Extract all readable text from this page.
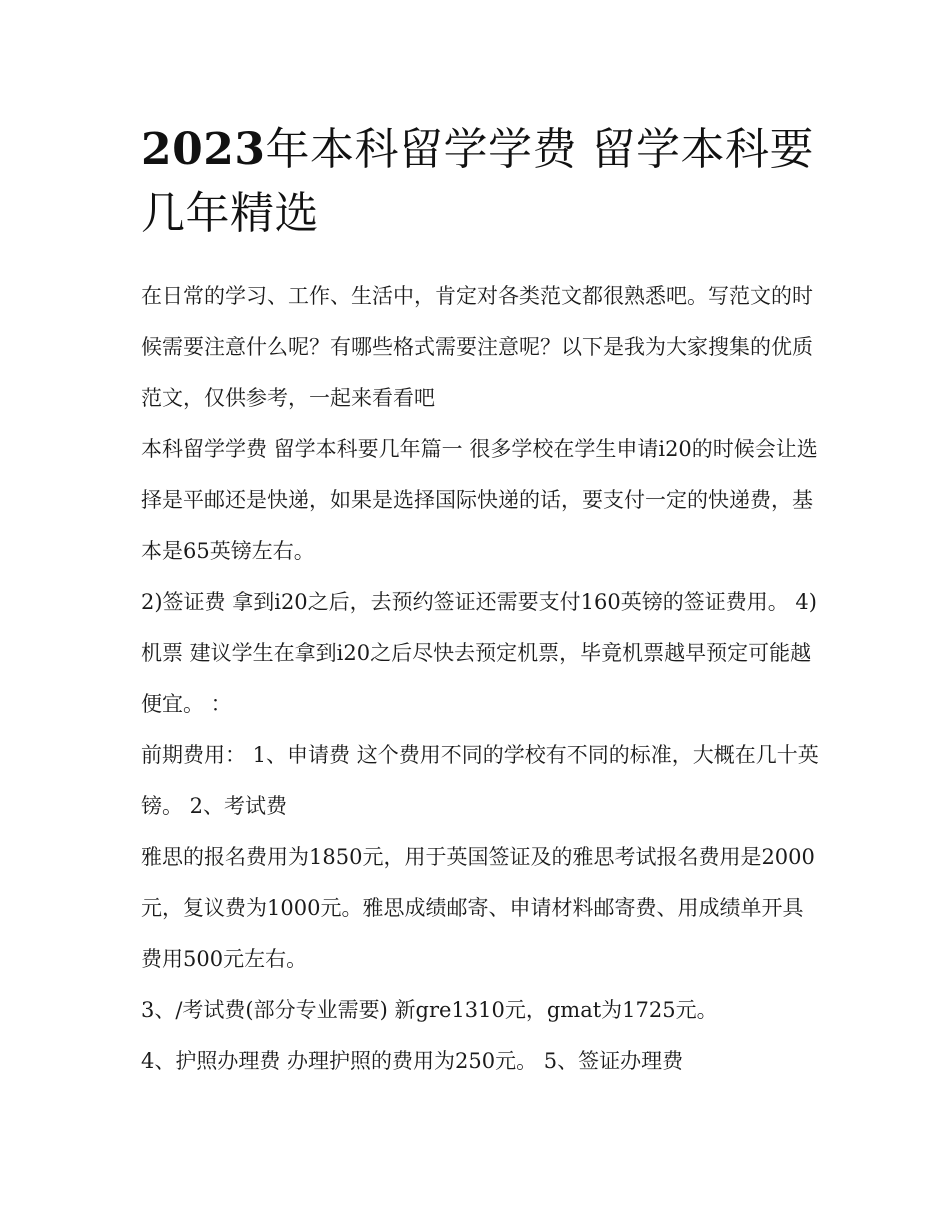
2023年本科留学学费 留学本科要几年精选

在日常的学习、工作、生活中，肯定对各类范文都很熟悉吧。写范文的时候需要注意什么呢？有哪些格式需要注意呢？以下是我为大家搜集的优质范文，仅供参考，一起来看看吧

本科留学学费 留学本科要几年篇一 很多学校在学生申请i20的时候会让选择是平邮还是快递，如果是选择国际快递的话，要支付一定的快递费，基本是65英镑左右。

2)签证费 拿到i20之后，去预约签证还需要支付160英镑的签证费用。 4)机票 建议学生在拿到i20之后尽快去预定机票，毕竟机票越早预定可能越便宜。 ：

前期费用： 1、申请费 这个费用不同的学校有不同的标准，大概在几十英镑。 2、考试费

雅思的报名费用为1850元，用于英国签证及的雅思考试报名费用是2000元，复议费为1000元。雅思成绩邮寄、申请材料邮寄费、用成绩单开具费用500元左右。

3、/考试费(部分专业需要) 新gre1310元，gmat为1725元。

4、护照办理费 办理护照的费用为250元。 5、签证办理费
